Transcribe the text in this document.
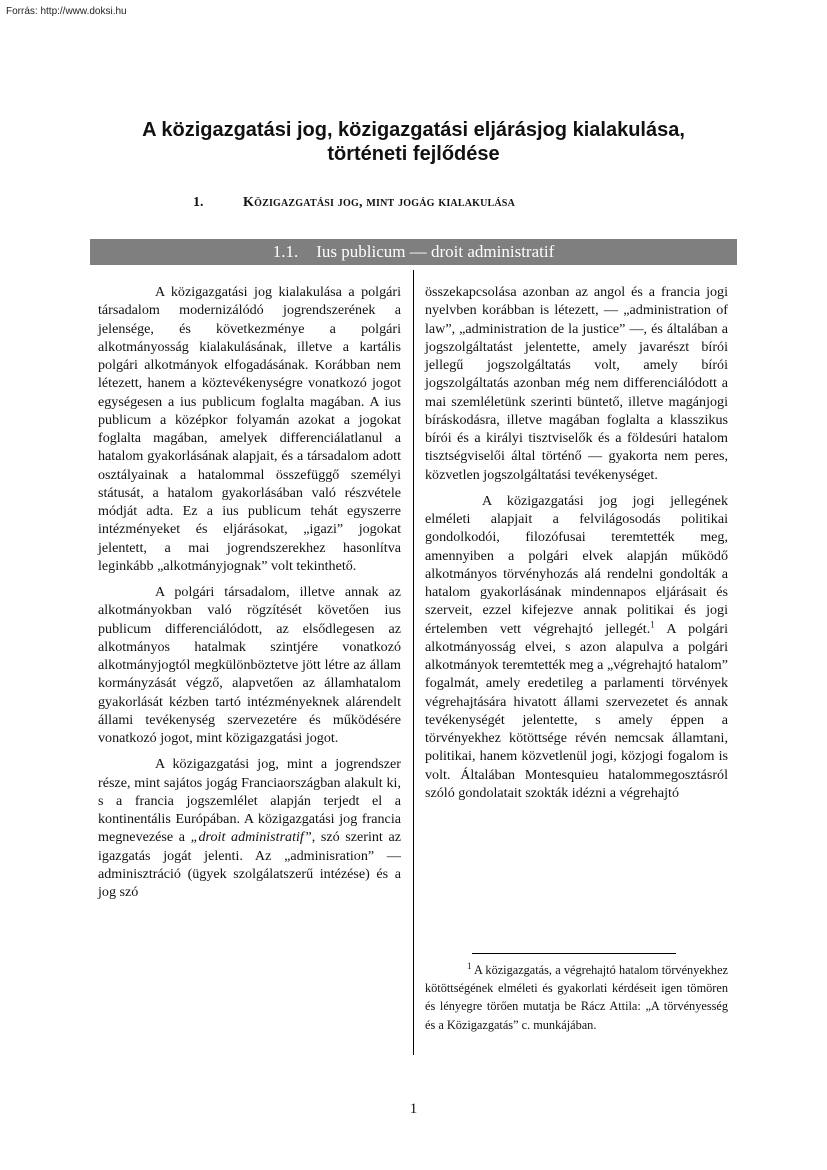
Forrás: http://www.doksi.hu
A közigazgatási jog, közigazgatási eljárásjog kialakulása,
történeti fejlődése
1.	Közigazgatási jog, mint jogág kialakulása
1.1. Ius publicum — droit administratif

A közigazgatási jog kialakulása a polgári társadalom modernizálódó jogrendszerének a jelensége, és következménye a polgári alkotmányosság kialakulásának, illetve a kartális polgári alkotmányok elfogadásának. Korábban nem létezett, hanem a köztevékenységre vonatkozó jogot egységesen a ius publicum foglalta magában. A ius publicum a középkor folyamán azokat a jogokat foglalta magában, amelyek differenciálatlanul a hatalom gyakorlásának alapjait, és a társadalom adott osztályainak a hatalommal összefüggő személyi státusát, a hatalom gyakorlásában való részvétele módját adta. Ez a ius publicum tehát egyszerre intézményeket és eljárásokat, „igazi” jogokat jelentett, a mai jogrendszerekhez hasonlítva leginkább „alkotmányjognak” volt tekinthető.

A polgári társadalom, illetve annak az alkotmányokban való rögzítését követően ius publicum differenciálódott, az elsődlegesen az alkotmányos hatalmak szintjére vonatkozó alkotmányjogtól megkülönböztetve jött létre az állam kormányzását végző, alapvetően az államhatalom gyakorlását kézben tartó intézményeknek alárendelt állami tevékenység szervezetére és működésére vonatkozó jogot, mint közigazgatási jogot.

A közigazgatási jog, mint a jogrendszer része, mint sajátos jogág Franciaországban alakult ki, s a francia jogszemlélet alapján terjedt el a kontinentális Európában. A közigazgatási jog francia megnevezése a „droit administratif”, szó szerint az igazgatás jogát jelenti. Az „adminisration” — adminisztráció (ügyek szolgálatszerű intézése) és a jog szó

összekapcsolása azonban az angol és a francia jogi nyelvben korábban is létezett, — „administration of law”, „administration de la justice” —, és általában a jogszolgáltatást jelentette, amely javarészt bírói jellegű jogszolgáltatás volt, amely bírói jogszolgáltatás azonban még nem differenciálódott a mai szemléletünk szerinti büntető, illetve magánjogi bíráskodásra, illetve magában foglalta a klasszikus bírói és a királyi tisztviselők és a földesúri hatalom tisztségviselői által történő — gyakorta nem peres, közvetlen jogszolgáltatási tevékenységet.

A közigazgatási jog jogi jellegének elméleti alapjait a felvilágosodás politikai gondolkodói, filozófusai teremtették meg, amennyiben a polgári elvek alapján működő alkotmányos törvényhozás alá rendelni gondolták a hatalom gyakorlásának mindennapos eljárásait és szerveit, ezzel kifejezve annak politikai és jogi értelemben vett végrehajtó jellegét.$^1$ A polgári alkotmányosság elvei, s azon alapulva a polgári alkotmányok teremtették meg a „végrehajtó hatalom” fogalmát, amely eredetileg a parlamenti törvények végrehajtására hivatott állami szervezetet és annak tevékenységét jelentette, s amely éppen a törvényekhez kötöttsége révén nemcsak államtani, politikai, hanem közvetlenül jogi, közjogi fogalom is volt. Általában Montesquieu hatalommegosztásról szóló gondolatait szokták idézni a végrehajtó

$^1$ A közigazgatás, a végrehajtó hatalom törvényekhez kötöttségének elméleti és gyakorlati kérdéseit igen tömören és lényegre törően mutatja be Rácz Attila: „A törvényesség és a Közigazgatás” c. munkájában.
1
